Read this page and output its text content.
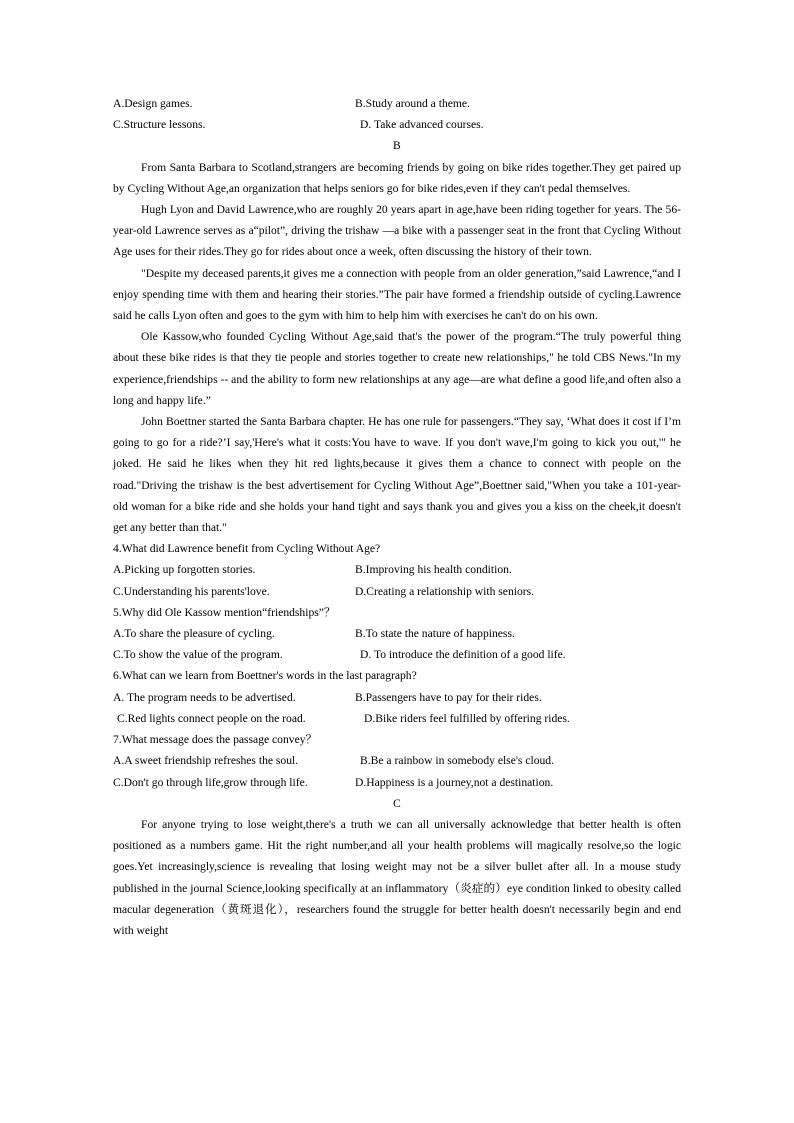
A.Design games.	B.Study around a theme.
C.Structure lessons.	D. Take advanced courses.
B

From Santa Barbara to Scotland,strangers are becoming friends by going on bike rides together.They get paired up by Cycling Without Age,an organization that helps seniors go for bike rides,even if they can't pedal themselves.

Hugh Lyon and David Lawrence,who are roughly 20 years apart in age,have been riding together for years. The 56-year-old Lawrence serves as a“pilot”, driving the trishaw —a bike with a passenger seat in the front that Cycling Without Age uses for their rides.They go for rides about once a week, often discussing the history of their town.

"Despite my deceased parents,it gives me a connection with people from an older generation,”said Lawrence,“and I enjoy spending time with them and hearing their stories.”The pair have formed a friendship outside of cycling.Lawrence said he calls Lyon often and goes to the gym with him to help him with exercises he can't do on his own.

Ole Kassow,who founded Cycling Without Age,said that's the power of the program.“The truly powerful thing about these bike rides is that they tie people and stories together to create new relationships," he told CBS News."In my experience,friendships -- and the ability to form new relationships at any age—are what define a good life,and often also a long and happy life.”

John Boettner started the Santa Barbara chapter. He has one rule for passengers.“They say, ‘What does it cost if I’m going to go for a ride?’I say,'Here's what it costs:You have to wave. If you don't wave,I'm going to kick you out,'" he joked. He said he likes when they hit red lights,because it gives them a chance to connect with people on the road."Driving the trishaw is the best advertisement for Cycling Without Age”,Boettner said,"When you take a 101-year-old woman for a bike ride and she holds your hand tight and says thank you and gives you a kiss on the cheek,it doesn't get any better than that."

4.What did Lawrence benefit from Cycling Without Age?
A.Picking up forgotten stories.	B.Improving his health condition.
C.Understanding his parents'love.	D.Creating a relationship with seniors.
5.Why did Ole Kassow mention“friendships”？
A.To share the pleasure of cycling.	B.To state the nature of happiness.
C.To show the value of the program.	D. To introduce the definition of a good life.
6.What can we learn from Boettner's words in the last paragraph?
A. The program needs to be advertised.	B.Passengers have to pay for their rides.
C.Red lights connect people on the road.	D.Bike riders feel fulfilled by offering rides.
7.What message does the passage convey？
A.A sweet friendship refreshes the soul.	B.Be a rainbow in somebody else's cloud.
C.Don't go through life,grow through life.	D.Happiness is a journey,not a destination.
C

For anyone trying to lose weight,there's a truth we can all universally acknowledge that better health is often positioned as a numbers game. Hit the right number,and all your health problems will magically resolve,so the logic goes.Yet increasingly,science is revealing that losing weight may not be a silver bullet after all. In a mouse study published in the journal Science,looking specifically at an inflammatory（炎症的）eye condition linked to obesity called macular degeneration（黄斑退化），researchers found the struggle for better health doesn't necessarily begin and end with weight
